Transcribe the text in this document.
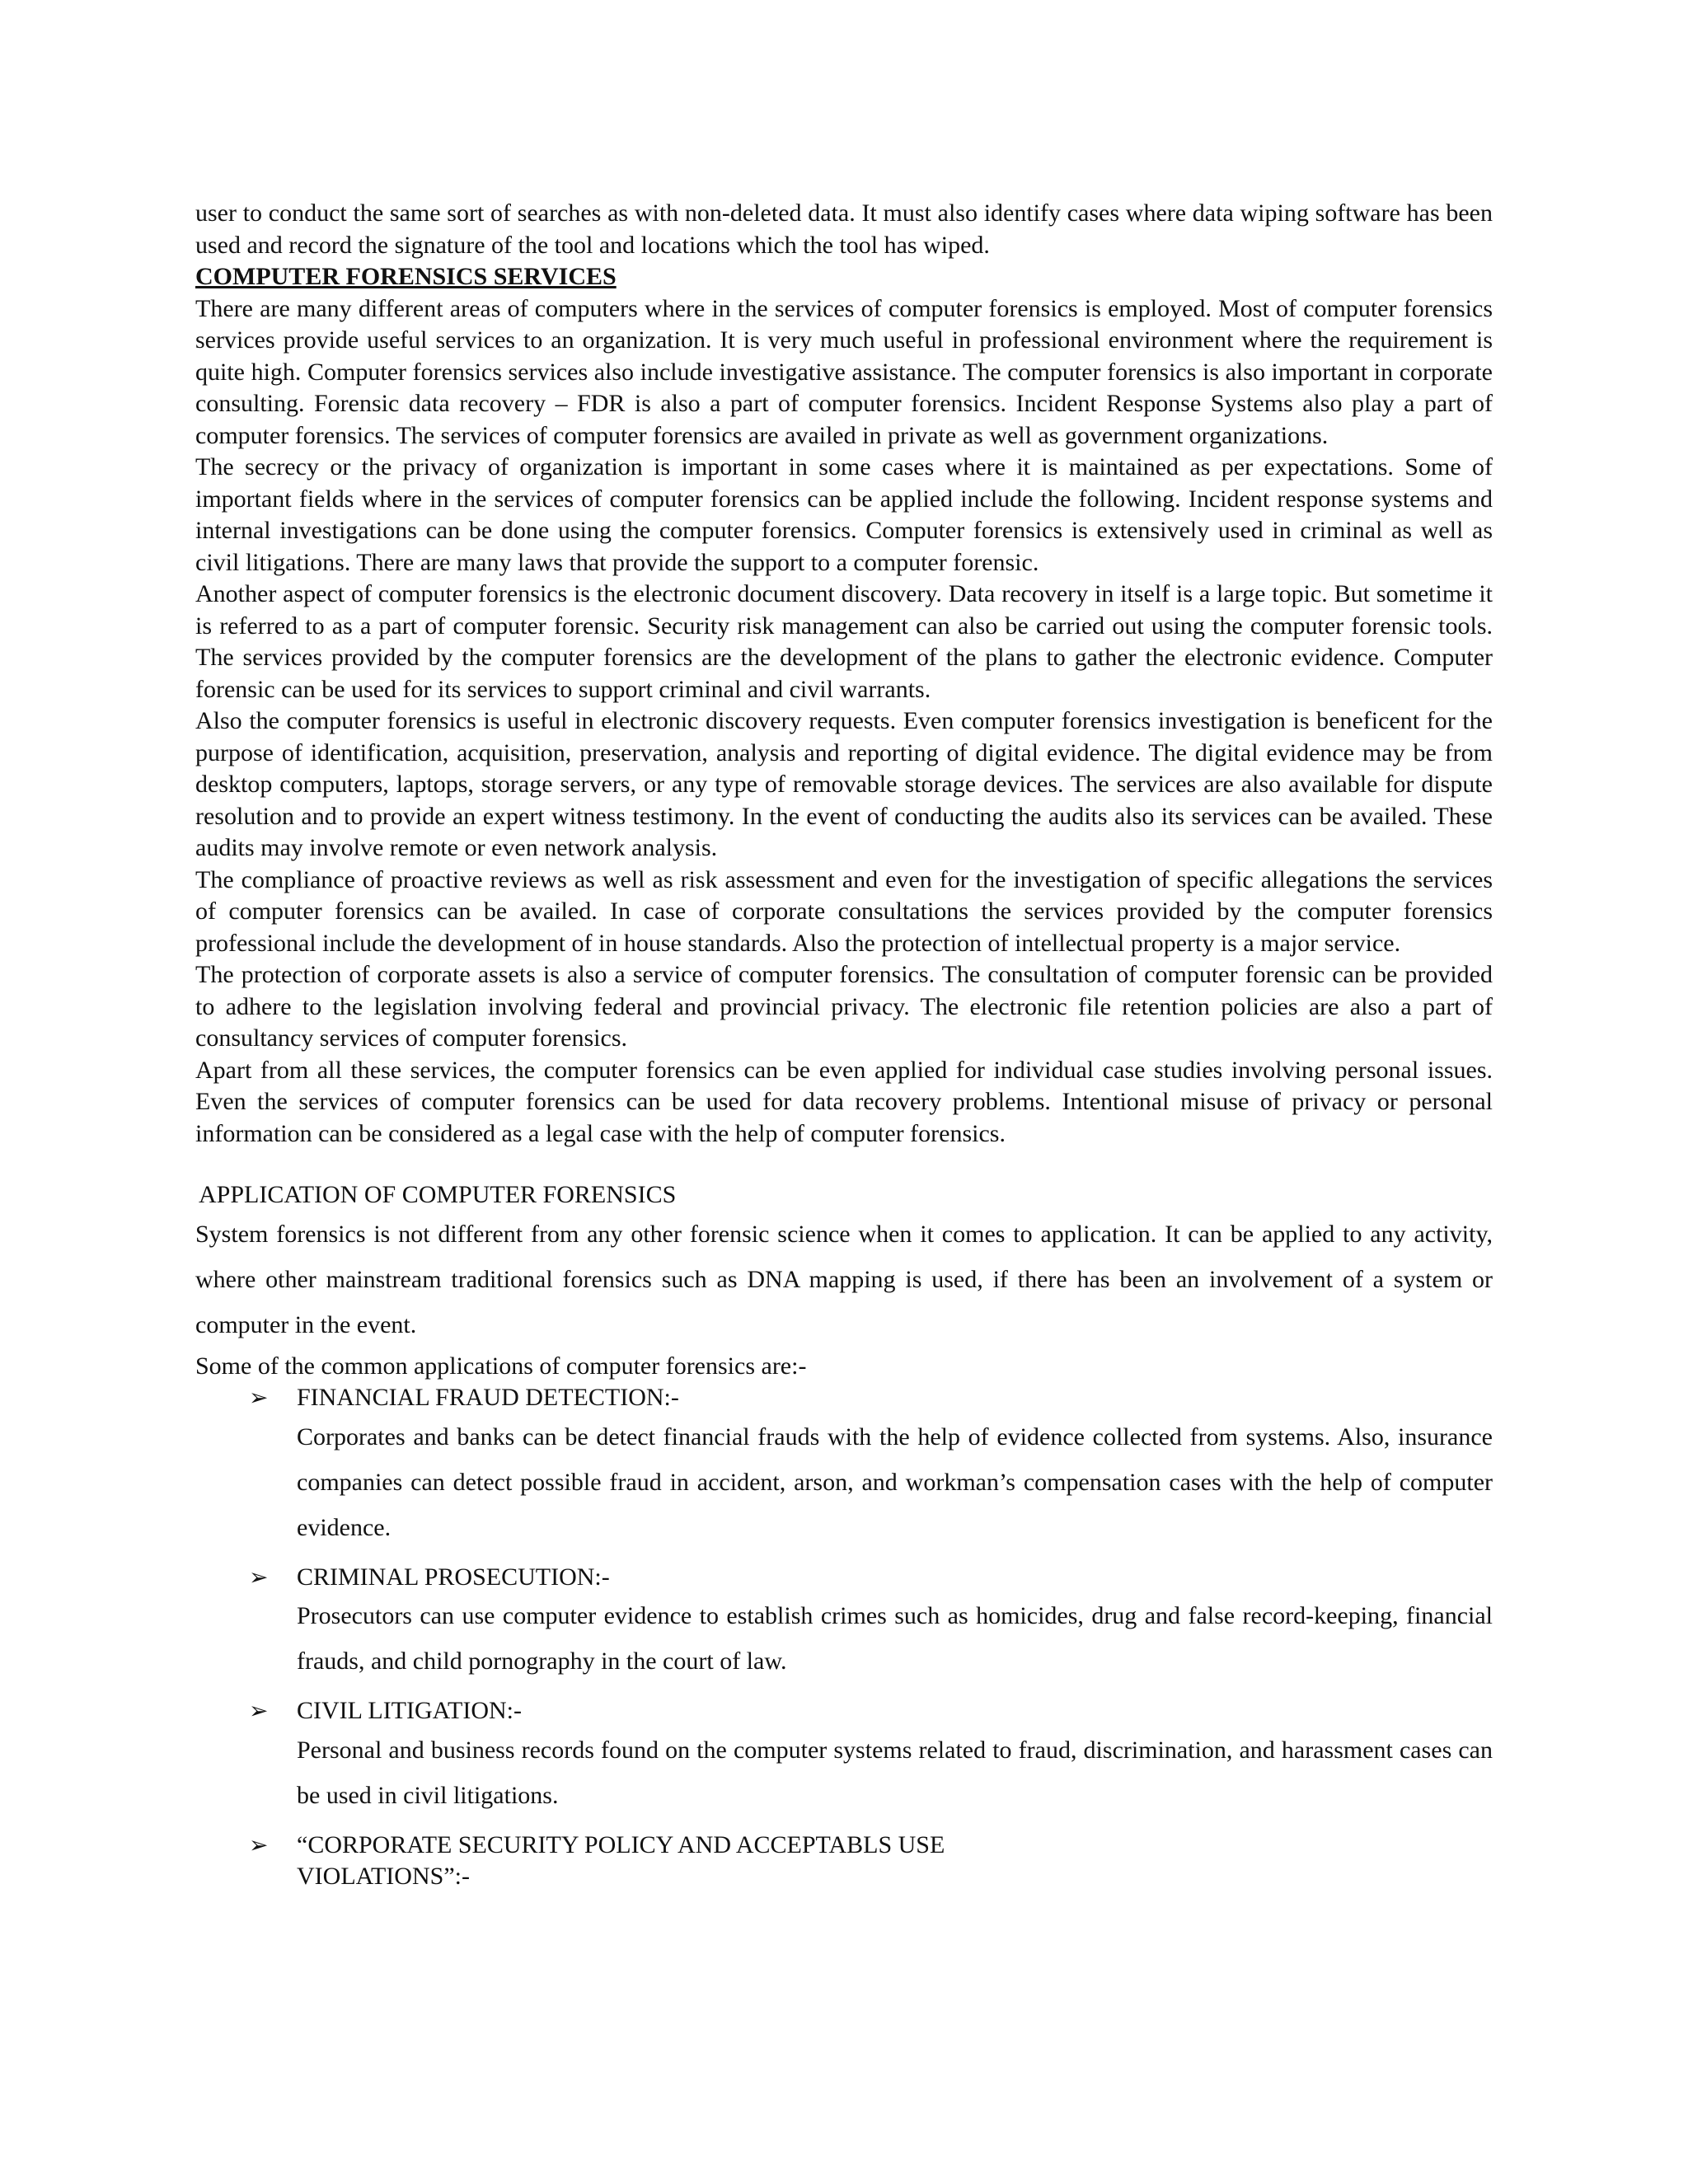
user to conduct the same sort of searches as with non-deleted data. It must also identify cases where data wiping software has been used and record the signature of the tool and locations which the tool has wiped.

COMPUTER FORENSICS SERVICES

There are many different areas of computers where in the services of computer forensics is employed. Most of computer forensics services provide useful services to an organization. It is very much useful in professional environment where the requirement is quite high. Computer forensics services also include investigative assistance. The computer forensics is also important in corporate consulting. Forensic data recovery – FDR is also a part of computer forensics. Incident Response Systems also play a part of computer forensics. The services of computer forensics are availed in private as well as government organizations.

The secrecy or the privacy of organization is important in some cases where it is maintained as per expectations. Some of important fields where in the services of computer forensics can be applied include the following. Incident response systems and internal investigations can be done using the computer forensics. Computer forensics is extensively used in criminal as well as civil litigations. There are many laws that provide the support to a computer forensic.

Another aspect of computer forensics is the electronic document discovery. Data recovery in itself is a large topic. But sometime it is referred to as a part of computer forensic. Security risk management can also be carried out using the computer forensic tools. The services provided by the computer forensics are the development of the plans to gather the electronic evidence. Computer forensic can be used for its services to support criminal and civil warrants.

Also the computer forensics is useful in electronic discovery requests. Even computer forensics investigation is beneficent for the purpose of identification, acquisition, preservation, analysis and reporting of digital evidence. The digital evidence may be from desktop computers, laptops, storage servers, or any type of removable storage devices. The services are also available for dispute resolution and to provide an expert witness testimony. In the event of conducting the audits also its services can be availed. These audits may involve remote or even network analysis.

The compliance of proactive reviews as well as risk assessment and even for the investigation of specific allegations the services of computer forensics can be availed. In case of corporate consultations the services provided by the computer forensics professional include the development of in house standards. Also the protection of intellectual property is a major service.

The protection of corporate assets is also a service of computer forensics. The consultation of computer forensic can be provided to adhere to the legislation involving federal and provincial privacy. The electronic file retention policies are also a part of consultancy services of computer forensics.

Apart from all these services, the computer forensics can be even applied for individual case studies involving personal issues. Even the services of computer forensics can be used for data recovery problems. Intentional misuse of privacy or personal information can be considered as a legal case with the help of computer forensics.

APPLICATION OF COMPUTER FORENSICS

System forensics is not different from any other forensic science when it comes to application. It can be applied to any activity, where other mainstream traditional forensics such as DNA mapping is used, if there has been an involvement of a system or computer in the event.

Some of the common applications of computer forensics are:-

➢ FINANCIAL FRAUD DETECTION:-
Corporates and banks can be detect financial frauds with the help of evidence collected from systems. Also, insurance companies can detect possible fraud in accident, arson, and workman’s compensation cases with the help of computer evidence.
➢ CRIMINAL PROSECUTION:-
Prosecutors can use computer evidence to establish crimes such as homicides, drug and false record-keeping, financial frauds, and child pornography in the court of law.
➢ CIVIL LITIGATION:-
Personal and business records found on the computer systems related to fraud, discrimination, and harassment cases can be used in civil litigations.
➢ “CORPORATE SECURITY POLICY AND ACCEPTABLS USE VIOLATIONS”:-
